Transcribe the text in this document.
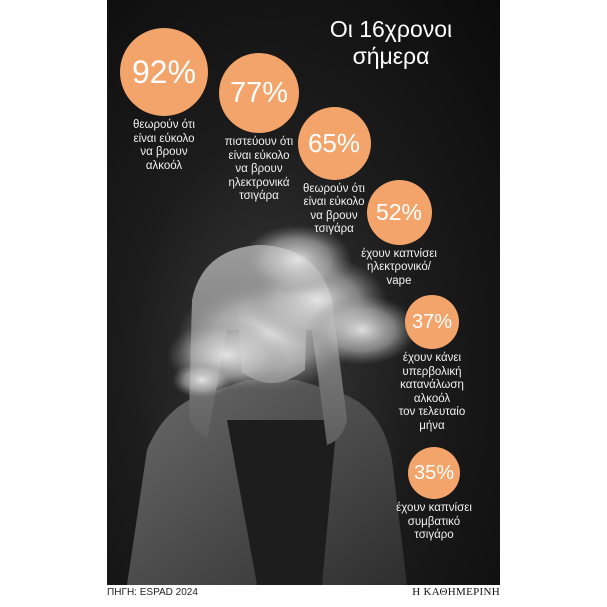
Οι 16χρονοι
σήμερα
92%
θεωρούν ότι
είναι εύκολο
να βρουν
αλκοόλ
77%
πιστεύουν ότι
είναι εύκολο
να βρουν
ηλεκτρονικά
τσιγάρα
65%
θεωρούν ότι
είναι εύκολο
να βρουν
τσιγάρα
52%
έχουν καπνίσει
ηλεκτρονικό/
vape
37%
έχουν κάνει
υπερβολική
κατανάλωση
αλκοόλ
τον τελευταίο
μήνα
35%
έχουν καπνίσει
συμβατικό
τσιγάρο
ΠΗΓΗ: ESPAD 2024	Η ΚΑΘΗΜΕΡΙΝΗ
